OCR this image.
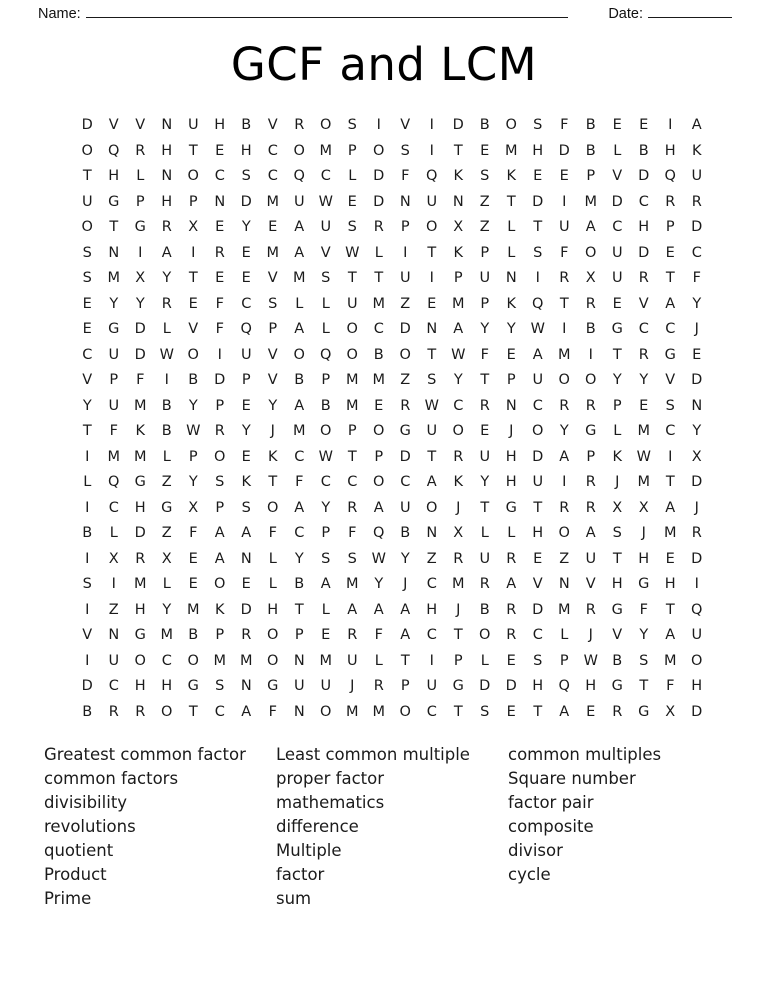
Name:	Date:
GCF and LCM
D	V	V	N	U	H	B	V	R	O	S	I	V	I	D	B	O	S	F	B	E	E	I	A
O	Q	R	H	T	E	H	C	O	M	P	O	S	I	T	E	M	H	D	B	L	B	H	K
T	H	L	N	O	C	S	C	Q	C	L	D	F	Q	K	S	K	E	E	P	V	D	Q	U
U	G	P	H	P	N	D	M	U	W	E	D	N	U	N	Z	T	D	I	M	D	C	R	R
O	T	G	R	X	E	Y	E	A	U	S	R	P	O	X	Z	L	T	U	A	C	H	P	D
S	N	I	A	I	R	E	M	A	V	W	L	I	T	K	P	L	S	F	O	U	D	E	C
S	M	X	Y	T	E	E	V	M	S	T	T	U	I	P	U	N	I	R	X	U	R	T	F
E	Y	Y	R	E	F	C	S	L	L	U	M	Z	E	M	P	K	Q	T	R	E	V	A	Y
E	G	D	L	V	F	Q	P	A	L	O	C	D	N	A	Y	Y	W	I	B	G	C	C	J
C	U	D	W	O	I	U	V	O	Q	O	B	O	T	W	F	E	A	M	I	T	R	G	E
V	P	F	I	B	D	P	V	B	P	M	M	Z	S	Y	T	P	U	O	O	Y	Y	V	D
Y	U	M	B	Y	P	E	Y	A	B	M	E	R	W	C	R	N	C	R	R	P	E	S	N
T	F	K	B	W	R	Y	J	M	O	P	O	G	U	O	E	J	O	Y	G	L	M	C	Y
I	M	M	L	P	O	E	K	C	W	T	P	D	T	R	U	H	D	A	P	K	W	I	X
L	Q	G	Z	Y	S	K	T	F	C	C	O	C	A	K	Y	H	U	I	R	J	M	T	D
I	C	H	G	X	P	S	O	A	Y	R	A	U	O	J	T	G	T	R	R	X	X	A	J
B	L	D	Z	F	A	A	F	C	P	F	Q	B	N	X	L	L	H	O	A	S	J	M	R
I	X	R	X	E	A	N	L	Y	S	S	W	Y	Z	R	U	R	E	Z	U	T	H	E	D
S	I	M	L	E	O	E	L	B	A	M	Y	J	C	M	R	A	V	N	V	H	G	H	I
I	Z	H	Y	M	K	D	H	T	L	A	A	A	H	J	B	R	D	M	R	G	F	T	Q
V	N	G	M	B	P	R	O	P	E	R	F	A	C	T	O	R	C	L	J	V	Y	A	U
I	U	O	C	O	M	M	O	N	M	U	L	T	I	P	L	E	S	P	W	B	S	M	O
D	C	H	H	G	S	N	G	U	U	J	R	P	U	G	D	D	H	Q	H	G	T	F	H
B	R	R	O	T	C	A	F	N	O	M	M	O	C	T	S	E	T	A	E	R	G	X	D
Greatest common factor
common factors
divisibility
revolutions
quotient
Product
Prime
Least common multiple
proper factor
mathematics
difference
Multiple
factor
sum
common multiples
Square number
factor pair
composite
divisor
cycle
